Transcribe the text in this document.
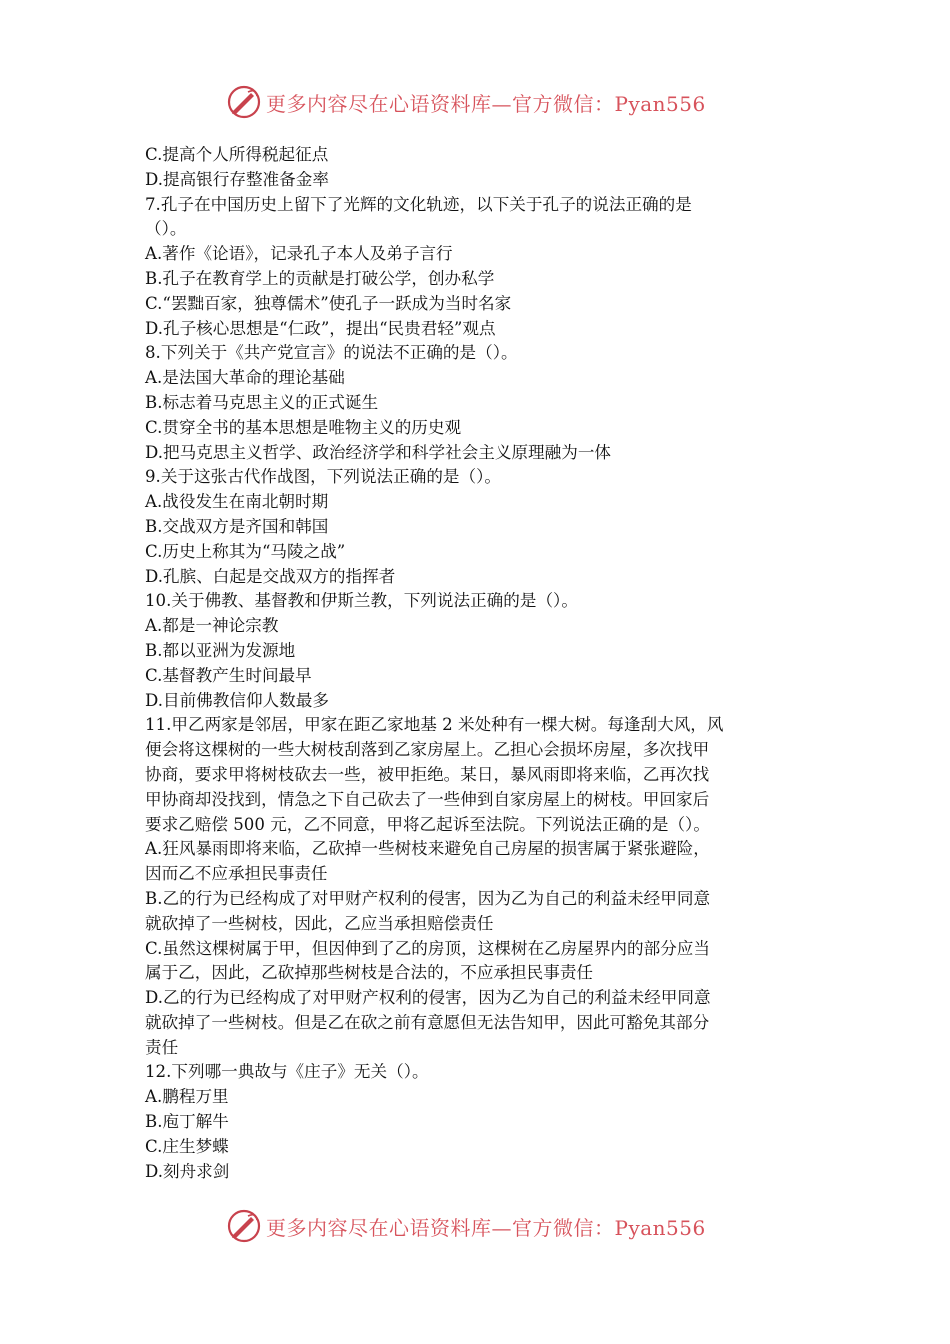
更多内容尽在心语资料库—官方微信：Pyan556
C.提高个人所得税起征点
D.提高银行存整准备金率
7.孔子在中国历史上留下了光辉的文化轨迹，以下关于孔子的说法正确的是
（）。
A.著作《论语》，记录孔子本人及弟子言行
B.孔子在教育学上的贡献是打破公学，创办私学
C.“罢黜百家，独尊儒术”使孔子一跃成为当时名家
D.孔子核心思想是“仁政”，提出“民贵君轻”观点
8.下列关于《共产党宣言》的说法不正确的是（）。
A.是法国大革命的理论基础
B.标志着马克思主义的正式诞生
C.贯穿全书的基本思想是唯物主义的历史观
D.把马克思主义哲学、政治经济学和科学社会主义原理融为一体
9.关于这张古代作战图，下列说法正确的是（）。
A.战役发生在南北朝时期
B.交战双方是齐国和韩国
C.历史上称其为“马陵之战”
D.孔膑、白起是交战双方的指挥者
10.关于佛教、基督教和伊斯兰教，下列说法正确的是（）。
A.都是一神论宗教
B.都以亚洲为发源地
C.基督教产生时间最早
D.目前佛教信仰人数最多
11.甲乙两家是邻居，甲家在距乙家地基 2 米处种有一棵大树。每逢刮大风，风
便会将这棵树的一些大树枝刮落到乙家房屋上。乙担心会损坏房屋，多次找甲
协商，要求甲将树枝砍去一些，被甲拒绝。某日，暴风雨即将来临，乙再次找
甲协商却没找到，情急之下自己砍去了一些伸到自家房屋上的树枝。甲回家后
要求乙赔偿 500 元，乙不同意，甲将乙起诉至法院。下列说法正确的是（）。
A.狂风暴雨即将来临，乙砍掉一些树枝来避免自己房屋的损害属于紧张避险，
因而乙不应承担民事责任
B.乙的行为已经构成了对甲财产权利的侵害，因为乙为自己的利益未经甲同意
就砍掉了一些树枝，因此，乙应当承担赔偿责任
C.虽然这棵树属于甲，但因伸到了乙的房顶，这棵树在乙房屋界内的部分应当
属于乙，因此，乙砍掉那些树枝是合法的，不应承担民事责任
D.乙的行为已经构成了对甲财产权利的侵害，因为乙为自己的利益未经甲同意
就砍掉了一些树枝。但是乙在砍之前有意愿但无法告知甲，因此可豁免其部分
责任
12.下列哪一典故与《庄子》无关（）。
A.鹏程万里
B.庖丁解牛
C.庄生梦蝶
D.刻舟求剑
更多内容尽在心语资料库—官方微信：Pyan556
